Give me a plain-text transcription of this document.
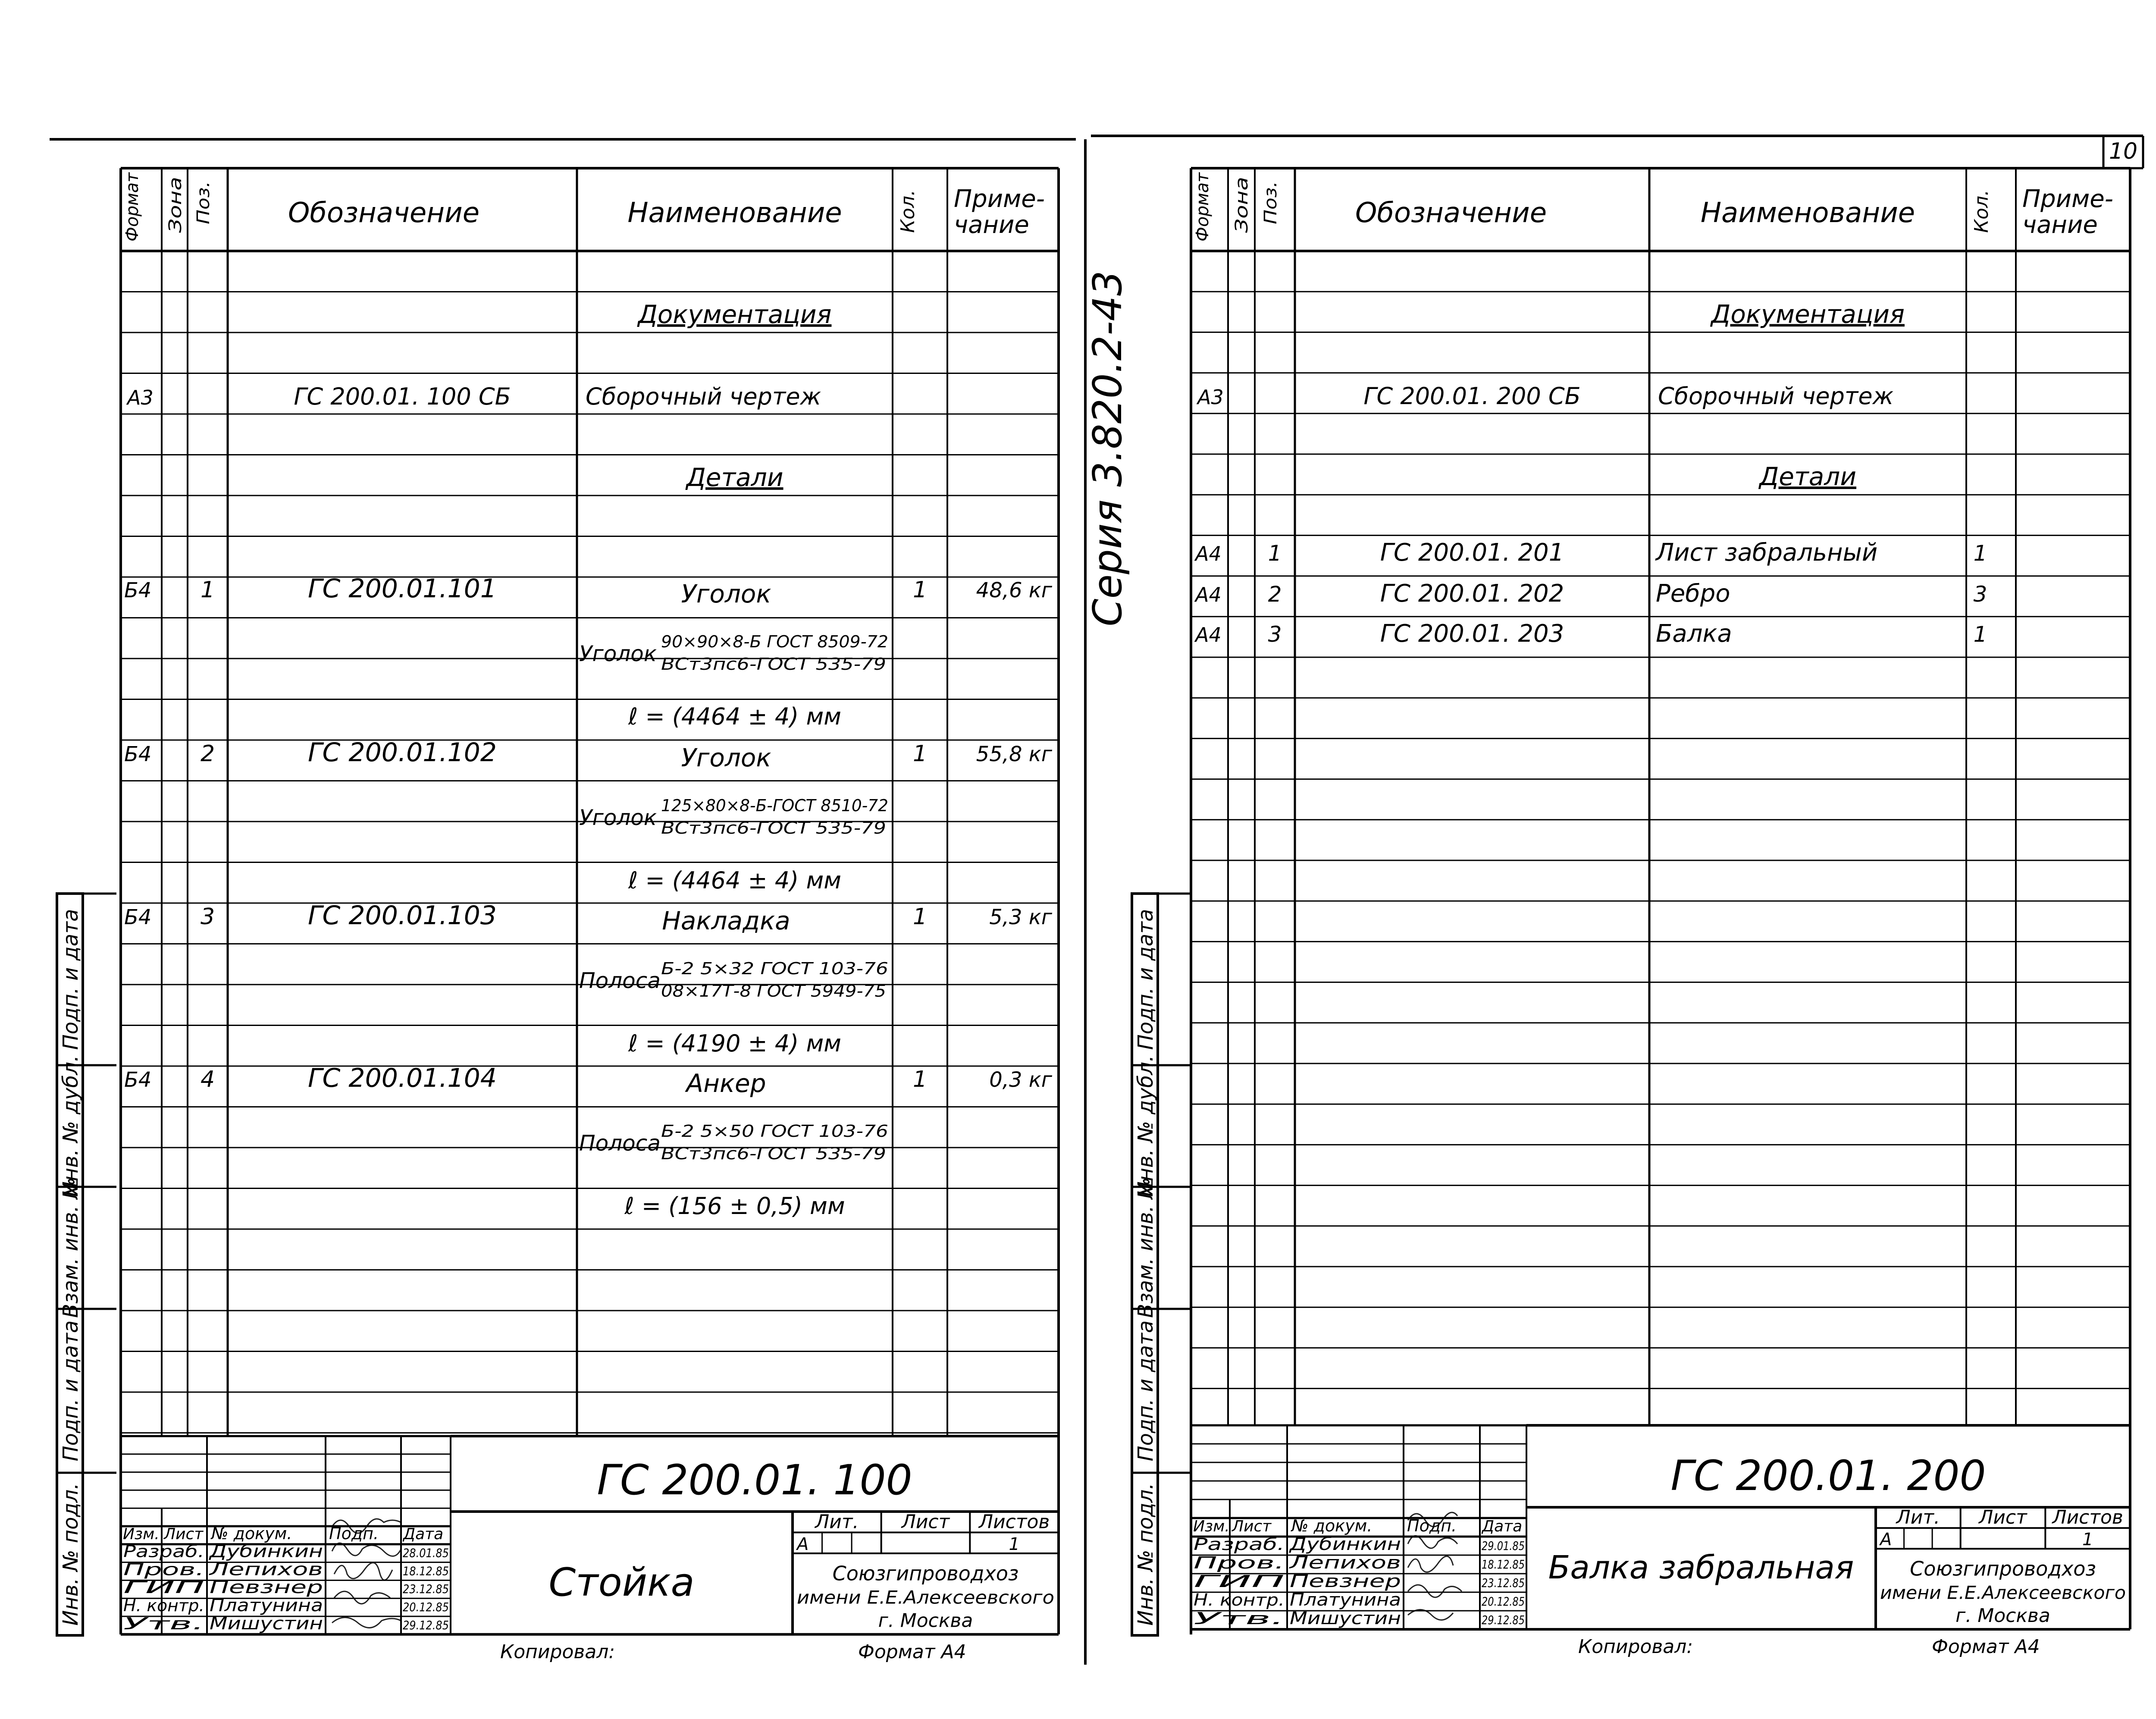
Формат Зона Поз.	Обозначение	Наименование	Кол. Приме-
чание
Документация
А3	ГС 200.01. 100 СБ	Сборочный чертеж
Детали
Б4 1	ГС 200.01.101	Уголок	1 48,6 кг
Уголок 90×90×8-Б ГОСТ 8509-72
ВСт3пс6-ГОСТ 535-79
ℓ = (4464 ± 4) мм
Б4 2	ГС 200.01.102	Уголок	1 55,8 кг
Уголок 125×80×8-Б-ГОСТ 8510-72
ВСт3пс6-ГОСТ 535-79
ℓ = (4464 ± 4) мм
Б4 3	ГС 200.01.103	Накладка	1	5,3 кг
Полоса Б-2 5×32 ГОСТ 103-76
08×17Т-8 ГОСТ 5949-75
ℓ = (4190 ± 4) мм
Б4 4	ГС 200.01.104	Анкер	1	0,3 кг
Полоса Б-2 5×50 ГОСТ 103-76
ВСт3пс6-ГОСТ 535-79
ℓ = (156 ± 0,5) мм
Изм. Лист № докум. Подп. Дата
Разраб. Дубинкин	28.01.85
Пров. Лепихов	18.12.85
ГИП Певзнер	23.12.85
Н. контр. Платунина	20.12.85
Утв. Мишустин	29.12.85
ГС 200.01. 100
Стойка
Лит. Лист Листов
А	1
Союзгипроводхоз
имени Е.Е.Алексеевского
г. Москва
Копировал:	Формат А4
Формат Зона Поз.	Обозначение	Наименование	Кол. Приме-
чание
Документация
А3	ГС 200.01. 200 СБ	Сборочный чертеж
Детали
А4 1	ГС 200.01. 201	Лист забральный	1
А4 2	ГС 200.01. 202	Ребро	3
А4 3	ГС 200.01. 203	Балка	1
Изм. Лист № докум. Подп. Дата
Разраб. Дубинкин	29.01.85
Пров. Лепихов	18.12.85
ГИП Певзнер	23.12.85
Н. контр. Платунина	20.12.85
Утв. Мишустин	29.12.85
ГС 200.01. 200
Балка забральная
Лит. Лист Листов
А	1
Союзгипроводхоз
имени Е.Е.Алексеевского
г. Москва
Копировал:	Формат А4
10
Серия 3.820.2-43
Подп. и дата
Инв. № дубл.
Взам. инв. №
Подп. и дата
Инв. № подл.
Подп. и дата
Инв. № дубл.
Взам. инв. №
Подп. и дата
Инв. № подл.
